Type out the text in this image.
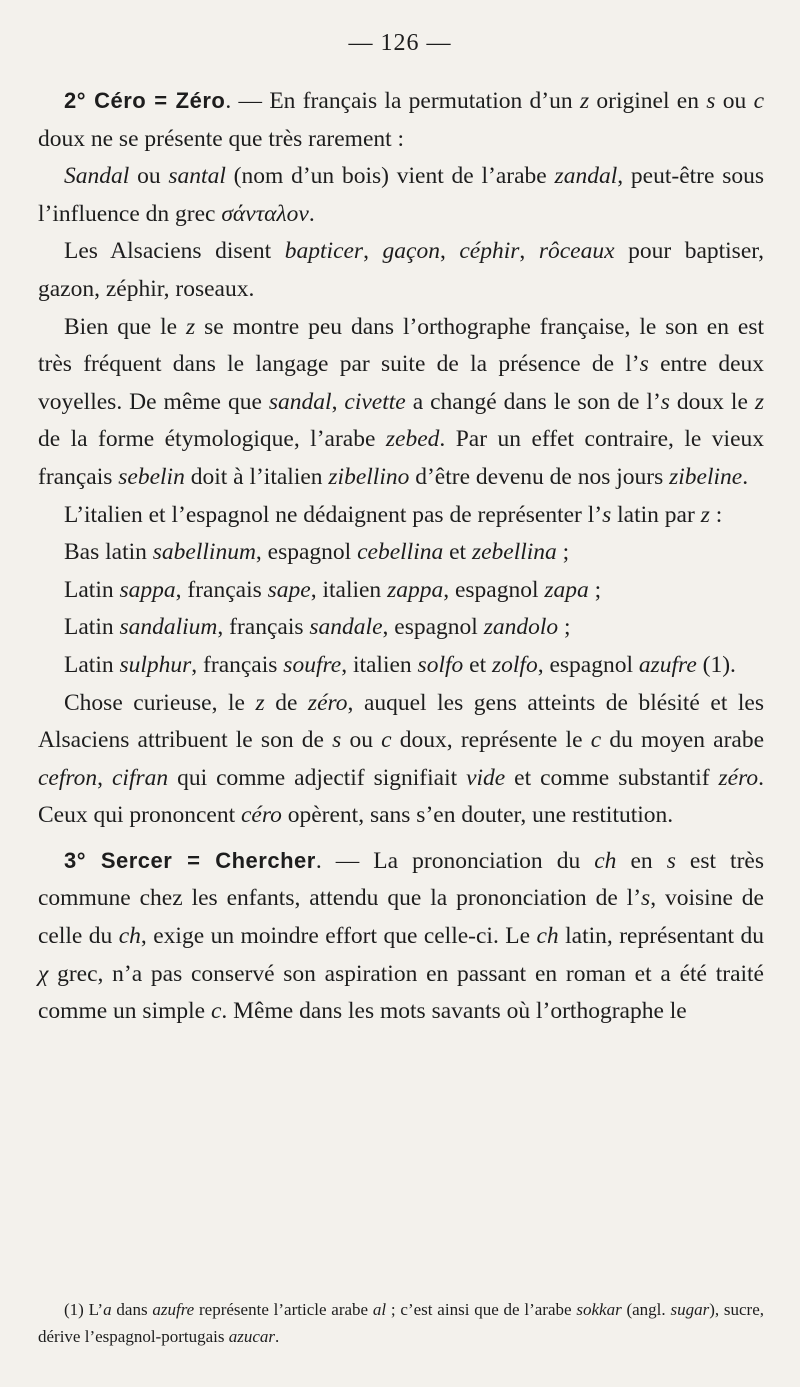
— 126 —

2° Céro = Zéro. — En français la permutation d’un z originel en s ou c doux ne se présente que très rarement :

Sandal ou santal (nom d’un bois) vient de l’arabe zandal, peut-être sous l’influence dn grec σάνταλον.

Les Alsaciens disent bapticer, gaçon, céphir, rôceaux pour baptiser, gazon, zéphir, roseaux.

Bien que le z se montre peu dans l’orthographe française, le son en est très fréquent dans le langage par suite de la présence de l’s entre deux voyelles. De même que sandal, civette a changé dans le son de l’s doux le z de la forme étymologique, l’arabe zebed. Par un effet contraire, le vieux français sebelin doit à l’italien zibellino d’être devenu de nos jours zibeline.

L’italien et l’espagnol ne dédaignent pas de représenter l’s latin par z :

Bas latin sabellinum, espagnol cebellina et zebellina ;

Latin sappa, français sape, italien zappa, espagnol zapa ;

Latin sandalium, français sandale, espagnol zandolo ;

Latin sulphur, français soufre, italien solfo et zolfo, espagnol azufre (1).

Chose curieuse, le z de zéro, auquel les gens atteints de blésité et les Alsaciens attribuent le son de s ou c doux, représente le c du moyen arabe cefron, cifran qui comme adjectif signifiait vide et comme substantif zéro. Ceux qui prononcent céro opèrent, sans s’en douter, une restitution.

3° Sercer = Chercher. — La prononciation du ch en s est très commune chez les enfants, attendu que la prononciation de l’s, voisine de celle du ch, exige un moindre effort que celle-ci. Le ch latin, représentant du χ grec, n’a pas conservé son aspiration en passant en roman et a été traité comme un simple c. Même dans les mots savants où l’orthographe le

(1) L’a dans azufre représente l’article arabe al ; c’est ainsi que de l’arabe sokkar (angl. sugar), sucre, dérive l’espagnol-portugais azucar.
